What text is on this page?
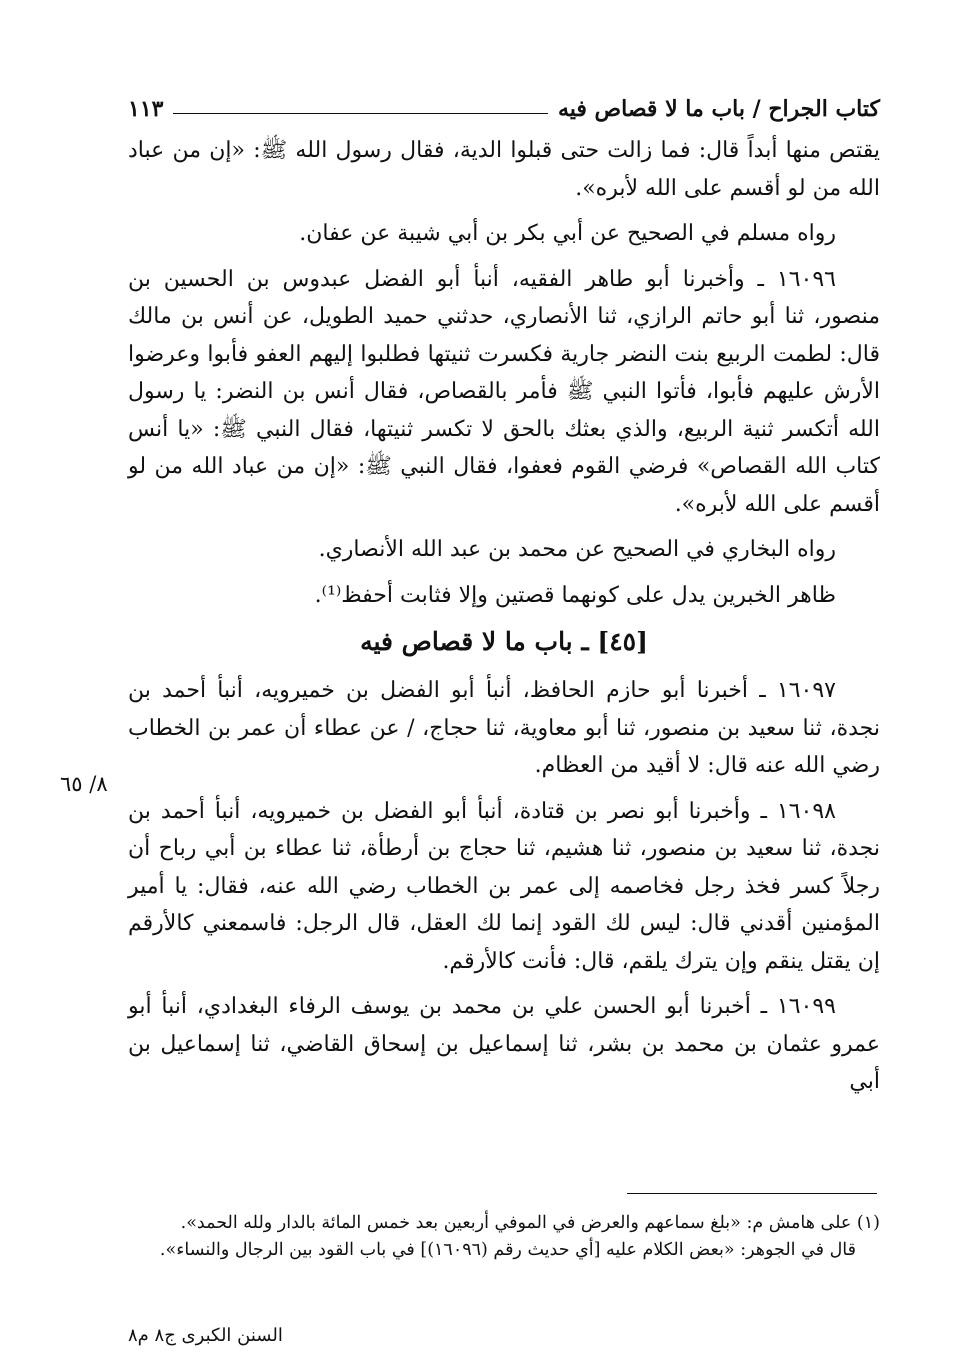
كتاب الجراح / باب ما لا قصاص فيه
١١٣

يقتص منها أبداً قال: فما زالت حتى قبلوا الدية، فقال رسول الله ﷺ: «إن من عباد الله من لو أقسم على الله لأبره».

رواه مسلم في الصحيح عن أبي بكر بن أبي شيبة عن عفان.

١٦٠٩٦ ـ وأخبرنا أبو طاهر الفقيه، أنبأ أبو الفضل عبدوس بن الحسين بن منصور، ثنا أبو حاتم الرازي، ثنا الأنصاري، حدثني حميد الطويل، عن أنس بن مالك قال: لطمت الربيع بنت النضر جارية فكسرت ثنيتها فطلبوا إليهم العفو فأبوا وعرضوا الأرش عليهم فأبوا، فأتوا النبي ﷺ فأمر بالقصاص، فقال أنس بن النضر: يا رسول الله أتكسر ثنية الربيع، والذي بعثك بالحق لا تكسر ثنيتها، فقال النبي ﷺ: «يا أنس كتاب الله القصاص» فرضي القوم فعفوا، فقال النبي ﷺ: «إن من عباد الله من لو أقسم على الله لأبره».

رواه البخاري في الصحيح عن محمد بن عبد الله الأنصاري.

ظاهر الخبرين يدل على كونهما قصتين وإلا فثابت أحفظ⁽¹⁾.

[٤٥] ـ باب ما لا قصاص فيه

١٦٠٩٧ ـ أخبرنا أبو حازم الحافظ، أنبأ أبو الفضل بن خميرويه، أنبأ أحمد بن نجدة، ثنا سعيد بن منصور، ثنا أبو معاوية، ثنا حجاج، / عن عطاء أن عمر بن الخطاب رضي الله عنه قال: لا أقيد من العظام.

١٦٠٩٨ ـ وأخبرنا أبو نصر بن قتادة، أنبأ أبو الفضل بن خميرويه، أنبأ أحمد بن نجدة، ثنا سعيد بن منصور، ثنا هشيم، ثنا حجاج بن أرطأة، ثنا عطاء بن أبي رباح أن رجلاً كسر فخذ رجل فخاصمه إلى عمر بن الخطاب رضي الله عنه، فقال: يا أمير المؤمنين أقدني قال: ليس لك القود إنما لك العقل، قال الرجل: فاسمعني كالأرقم إن يقتل ينقم وإن يترك يلقم، قال: فأنت كالأرقم.

١٦٠٩٩ ـ أخبرنا أبو الحسن علي بن محمد بن يوسف الرفاء البغدادي، أنبأ أبو عمرو عثمان بن محمد بن بشر، ثنا إسماعيل بن إسحاق القاضي، ثنا إسماعيل بن أبي

٨/ ٦٥

(١) على هامش م: «بلغ سماعهم والعرض في الموفي أربعين بعد خمس المائة بالدار ولله الحمد».

قال في الجوهر: «بعض الكلام عليه [أي حديث رقم (١٦٠٩٦)] في باب القود بين الرجال والنساء».

السنن الكبرى ج٨ م٨
